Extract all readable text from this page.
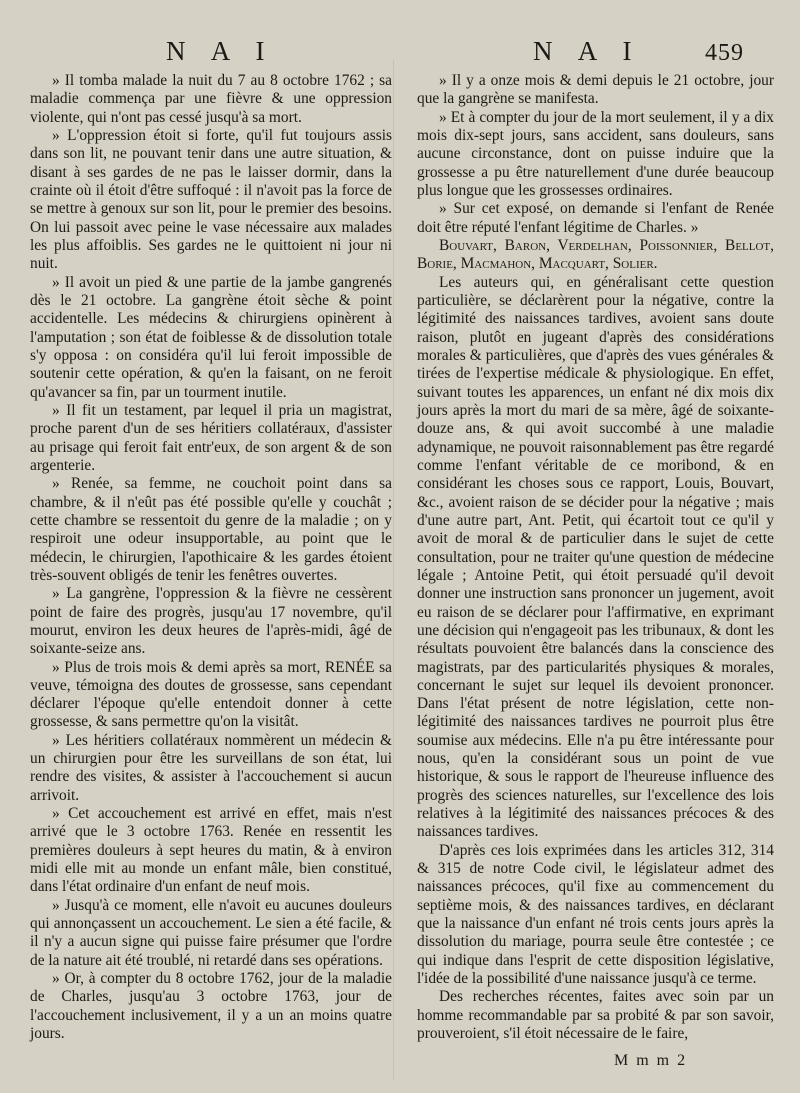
N A I	N A I	459

» Il tomba malade la nuit du 7 au 8 octobre 1762 ; sa maladie commença par une fièvre & une oppression violente, qui n'ont pas cessé jusqu'à sa mort.

» L'oppression étoit si forte, qu'il fut toujours assis dans son lit, ne pouvant tenir dans une autre situation, & disant à ses gardes de ne pas le laisser dormir, dans la crainte où il étoit d'être suffoqué : il n'avoit pas la force de se mettre à genoux sur son lit, pour le premier des besoins. On lui passoit avec peine le vase nécessaire aux malades les plus affoiblis. Ses gardes ne le quittoient ni jour ni nuit.

» Il avoit un pied & une partie de la jambe gangrenés dès le 21 octobre. La gangrène étoit sèche & point accidentelle. Les médecins & chirurgiens opinèrent à l'amputation ; son état de foiblesse & de dissolution totale s'y opposa : on considéra qu'il lui feroit impossible de soutenir cette opération, & qu'en la faisant, on ne feroit qu'avancer sa fin, par un tourment inutile.

» Il fit un testament, par lequel il pria un magistrat, proche parent d'un de ses héritiers collatéraux, d'assister au prisage qui feroit fait entr'eux, de son argent & de son argenterie.

» Renée, sa femme, ne couchoit point dans sa chambre, & il n'eût pas été possible qu'elle y couchât ; cette chambre se ressentoit du genre de la maladie ; on y respiroit une odeur insupportable, au point que le médecin, le chirurgien, l'apothicaire & les gardes étoient très-souvent obligés de tenir les fenêtres ouvertes.

» La gangrène, l'oppression & la fièvre ne cessèrent point de faire des progrès, jusqu'au 17 novembre, qu'il mourut, environ les deux heures de l'après-midi, âgé de soixante-seize ans.

» Plus de trois mois & demi après sa mort, RENÉE sa veuve, témoigna des doutes de grossesse, sans cependant déclarer l'époque qu'elle entendoit donner à cette grossesse, & sans permettre qu'on la visitât.

» Les héritiers collatéraux nommèrent un médecin & un chirurgien pour être les surveillans de son état, lui rendre des visites, & assister à l'accouchement si aucun arrivoit.

» Cet accouchement est arrivé en effet, mais n'est arrivé que le 3 octobre 1763. Renée en ressentit les premières douleurs à sept heures du matin, & à environ midi elle mit au monde un enfant mâle, bien constitué, dans l'état ordinaire d'un enfant de neuf mois.

» Jusqu'à ce moment, elle n'avoit eu aucunes douleurs qui annonçassent un accouchement. Le sien a été facile, & il n'y a aucun signe qui puisse faire présumer que l'ordre de la nature ait été troublé, ni retardé dans ses opérations.

» Or, à compter du 8 octobre 1762, jour de la maladie de Charles, jusqu'au 3 octobre 1763, jour de l'accouchement inclusivement, il y a un an moins quatre jours.

» Il y a onze mois & demi depuis le 21 octobre, jour que la gangrène se manifesta.

» Et à compter du jour de la mort seulement, il y a dix mois dix-sept jours, sans accident, sans douleurs, sans aucune circonstance, dont on puisse induire que la grossesse a pu être naturellement d'une durée beaucoup plus longue que les grossesses ordinaires.

» Sur cet exposé, on demande si l'enfant de Renée doit être réputé l'enfant légitime de Charles. »

Bouvart, Baron, Verdelhan, Poissonnier, Bellot, Borie, Macmahon, Macquart, Solier.

Les auteurs qui, en généralisant cette question particulière, se déclarèrent pour la négative, contre la légitimité des naissances tardives, avoient sans doute raison, plutôt en jugeant d'après des considérations morales & particulières, que d'après des vues générales & tirées de l'expertise médicale & physiologique. En effet, suivant toutes les apparences, un enfant né dix mois dix jours après la mort du mari de sa mère, âgé de soixante-douze ans, & qui avoit succombé à une maladie adynamique, ne pouvoit raisonnablement pas être regardé comme l'enfant véritable de ce moribond, & en considérant les choses sous ce rapport, Louis, Bouvart, &c., avoient raison de se décider pour la négative ; mais d'une autre part, Ant. Petit, qui écartoit tout ce qu'il y avoit de moral & de particulier dans le sujet de cette consultation, pour ne traiter qu'une question de médecine légale ; Antoine Petit, qui étoit persuadé qu'il devoit donner une instruction sans prononcer un jugement, avoit eu raison de se déclarer pour l'affirmative, en exprimant une décision qui n'engageoit pas les tribunaux, & dont les résultats pouvoient être balancés dans la conscience des magistrats, par des particularités physiques & morales, concernant le sujet sur lequel ils devoient prononcer. Dans l'état présent de notre législation, cette non-légitimité des naissances tardives ne pourroit plus être soumise aux médecins. Elle n'a pu être intéressante pour nous, qu'en la considérant sous un point de vue historique, & sous le rapport de l'heureuse influence des progrès des sciences naturelles, sur l'excellence des lois relatives à la légitimité des naissances précoces & des naissances tardives.

D'après ces lois exprimées dans les articles 312, 314 & 315 de notre Code civil, le législateur admet des naissances précoces, qu'il fixe au commencement du septième mois, & des naissances tardives, en déclarant que la naissance d'un enfant né trois cents jours après la dissolution du mariage, pourra seule être contestée ; ce qui indique dans l'esprit de cette disposition législative, l'idée de la possibilité d'une naissance jusqu'à ce terme.

Des recherches récentes, faites avec soin par un homme recommandable par sa probité & par son savoir, prouveroient, s'il étoit nécessaire de le faire,

M m m 2
